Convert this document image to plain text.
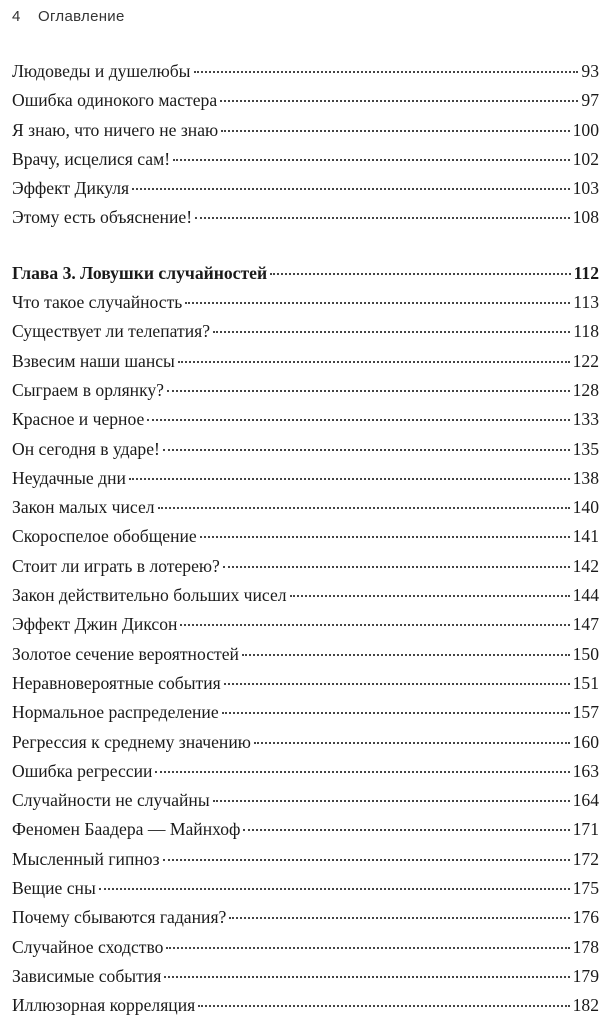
4 Оглавление
Людоведы и душелюбы	93
Ошибка одинокого мастера	97
Я знаю, что ничего не знаю	100
Врачу, исцелися сам!	102
Эффект Дикуля	103
Этому есть объяснение!	108
Глава 3. Ловушки случайностей	112
Что такое случайность	113
Существует ли телепатия?	118
Взвесим наши шансы	122
Сыграем в орлянку?	128
Красное и черное	133
Он сегодня в ударе!	135
Неудачные дни	138
Закон малых чисел	140
Скороспелое обобщение	141
Стоит ли играть в лотерею?	142
Закон действительно больших чисел	144
Эффект Джин Диксон	147
Золотое сечение вероятностей	150
Неравновероятные события	151
Нормальное распределение	157
Регрессия к среднему значению	160
Ошибка регрессии	163
Случайности не случайны	164
Феномен Баадера — Майнхоф	171
Мысленный гипноз	172
Вещие сны	175
Почему сбываются гадания?	176
Случайное сходство	178
Зависимые события	179
Иллюзорная корреляция	182
